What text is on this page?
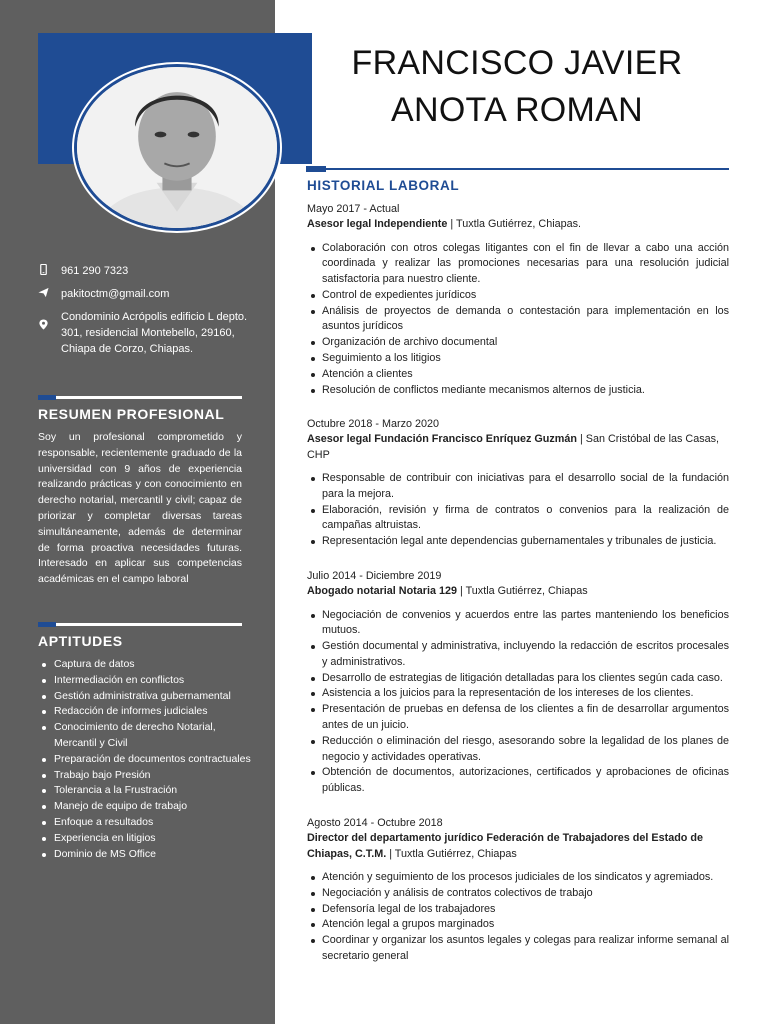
961 290 7323
pakitoctm@gmail.com
Condominio Acrópolis edificio L depto. 301, residencial Montebello, 29160, Chiapa de Corzo, Chiapas.
RESUMEN PROFESIONAL
Soy un profesional comprometido y responsable, recientemente graduado de la universidad con 9 años de experiencia realizando prácticas y con conocimiento en derecho notarial, mercantil y civil; capaz de priorizar y completar diversas tareas simultáneamente, además de determinar de forma proactiva necesidades futuras. Interesado en aplicar sus competencias académicas en el campo laboral
APTITUDES
Captura de datos
Intermediación en conflictos
Gestión administrativa gubernamental
Redacción de informes judiciales
Conocimiento de derecho Notarial, Mercantil y Civil
Preparación de documentos contractuales
Trabajo bajo Presión
Tolerancia a la Frustración
Manejo de equipo de trabajo
Enfoque a resultados
Experiencia en litigios
Dominio de MS Office
FRANCISCO JAVIER ANOTA ROMAN
HISTORIAL LABORAL
Mayo 2017 - Actual
Asesor legal Independiente | Tuxtla Gutiérrez, Chiapas.
Colaboración con otros colegas litigantes con el fin de llevar a cabo una acción coordinada y realizar las promociones necesarias para una resolución judicial satisfactoria para nuestro cliente.
Control de expedientes jurídicos
Análisis de proyectos de demanda o contestación para implementación en los asuntos jurídicos
Organización de archivo documental
Seguimiento a los litigios
Atención a clientes
Resolución de conflictos mediante mecanismos alternos de justicia.
Octubre 2018 - Marzo 2020
Asesor legal Fundación Francisco Enríquez Guzmán | San Cristóbal de las Casas, CHP
Responsable de contribuir con iniciativas para el desarrollo social de la fundación para la mejora.
Elaboración, revisión y firma de contratos o convenios para la realización de campañas altruistas.
Representación legal ante dependencias gubernamentales y tribunales de justicia.
Julio 2014 - Diciembre 2019
Abogado notarial Notaria 129 | Tuxtla Gutiérrez, Chiapas
Negociación de convenios y acuerdos entre las partes manteniendo los beneficios mutuos.
Gestión documental y administrativa, incluyendo la redacción de escritos procesales y administrativos.
Desarrollo de estrategias de litigación detalladas para los clientes según cada caso.
Asistencia a los juicios para la representación de los intereses de los clientes.
Presentación de pruebas en defensa de los clientes a fin de desarrollar argumentos antes de un juicio.
Reducción o eliminación del riesgo, asesorando sobre la legalidad de los planes de negocio y actividades operativas.
Obtención de documentos, autorizaciones, certificados y aprobaciones de oficinas públicas.
Agosto 2014 - Octubre 2018
Director del departamento jurídico Federación de Trabajadores del Estado de Chiapas, C.T.M. | Tuxtla Gutiérrez, Chiapas
Atención y seguimiento de los procesos judiciales de los sindicatos y agremiados.
Negociación y análisis de contratos colectivos de trabajo
Defensoría legal de los trabajadores
Atención legal a grupos marginados
Coordinar y organizar los asuntos legales y colegas para realizar informe semanal al secretario general
